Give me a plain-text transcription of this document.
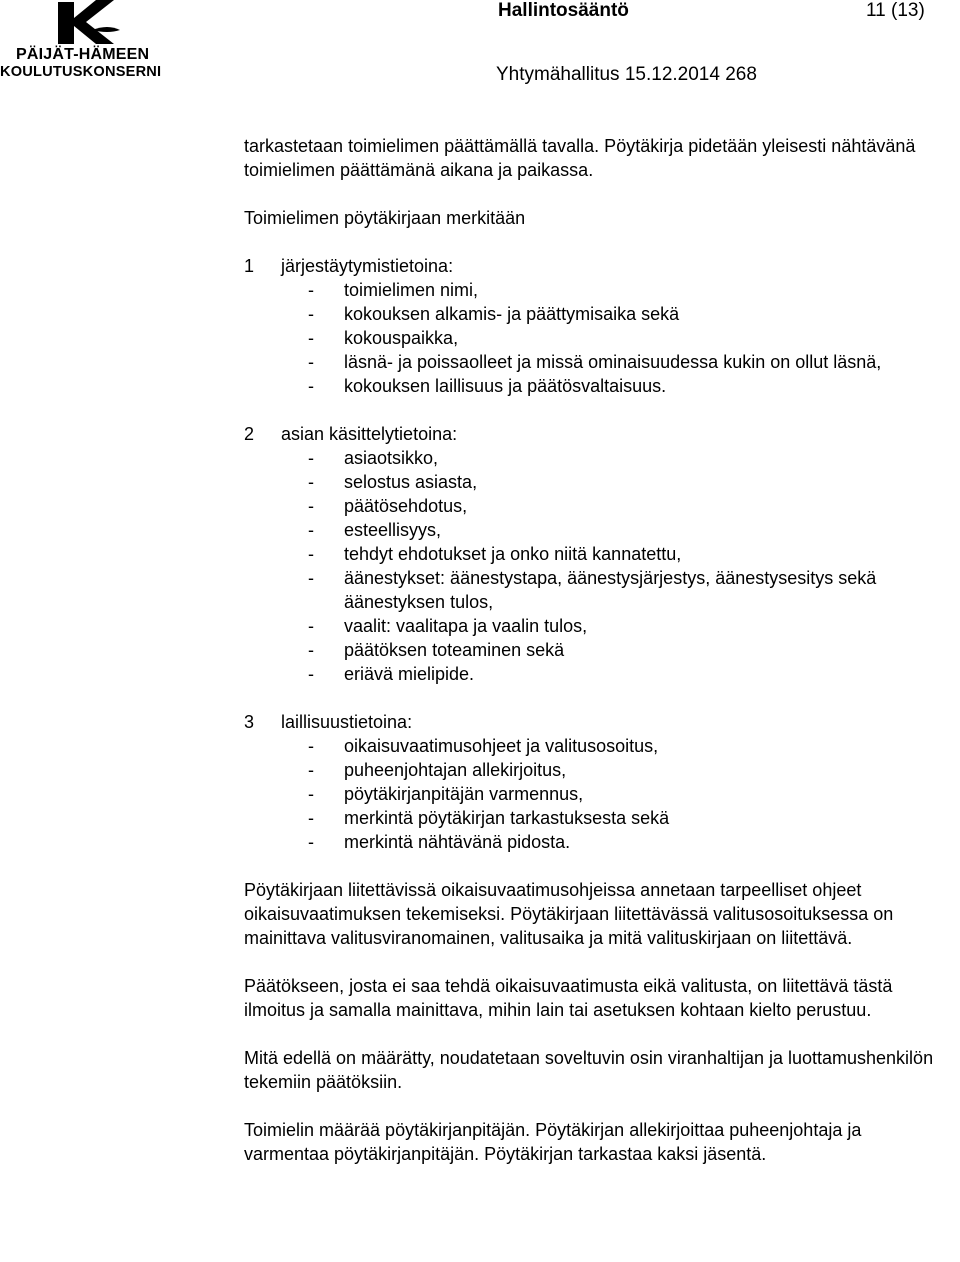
PÄIJÄT-HÄMEEN
KOULUTUSKONSERNI
Hallintosääntö	11 (13)
Yhtymähallitus 15.12.2014 268

tarkastetaan toimielimen päättämällä tavalla. Pöytäkirja pidetään yleisesti nähtävänä toimielimen päättämänä aikana ja paikassa.

Toimielimen pöytäkirjaan merkitään

1	järjestäytymistietoina:
-	toimielimen nimi,
-	kokouksen alkamis- ja päättymisaika sekä
-	kokouspaikka,
-	läsnä- ja poissaolleet ja missä ominaisuudessa kukin on ollut läsnä,
-	kokouksen laillisuus ja päätösvaltaisuus.
2	asian käsittelytietoina:
-	asiaotsikko,
-	selostus asiasta,
-	päätösehdotus,
-	esteellisyys,
-	tehdyt ehdotukset ja onko niitä kannatettu,
-	äänestykset: äänestystapa, äänestysjärjestys, äänestysesitys sekä äänestyksen tulos,
-	vaalit: vaalitapa ja vaalin tulos,
-	päätöksen toteaminen sekä
-	eriävä mielipide.
3	laillisuustietoina:
-	oikaisuvaatimusohjeet ja valitusosoitus,
-	puheenjohtajan allekirjoitus,
-	pöytäkirjanpitäjän varmennus,
-	merkintä pöytäkirjan tarkastuksesta sekä
-	merkintä nähtävänä pidosta.

Pöytäkirjaan liitettävissä oikaisuvaatimusohjeissa annetaan tarpeelliset ohjeet oikaisuvaatimuksen tekemiseksi. Pöytäkirjaan liitettävässä valitusosoituksessa on mainittava valitusviranomainen, valitusaika ja mitä valituskirjaan on liitettävä.

Päätökseen, josta ei saa tehdä oikaisuvaatimusta eikä valitusta, on liitettävä tästä ilmoitus ja samalla mainittava, mihin lain tai asetuksen kohtaan kielto perustuu.

Mitä edellä on määrätty, noudatetaan soveltuvin osin viranhaltijan ja luottamushenkilön tekemiin päätöksiin.

Toimielin määrää pöytäkirjanpitäjän. Pöytäkirjan allekirjoittaa puheenjohtaja ja varmentaa pöytäkirjanpitäjän. Pöytäkirjan tarkastaa kaksi jäsentä.
